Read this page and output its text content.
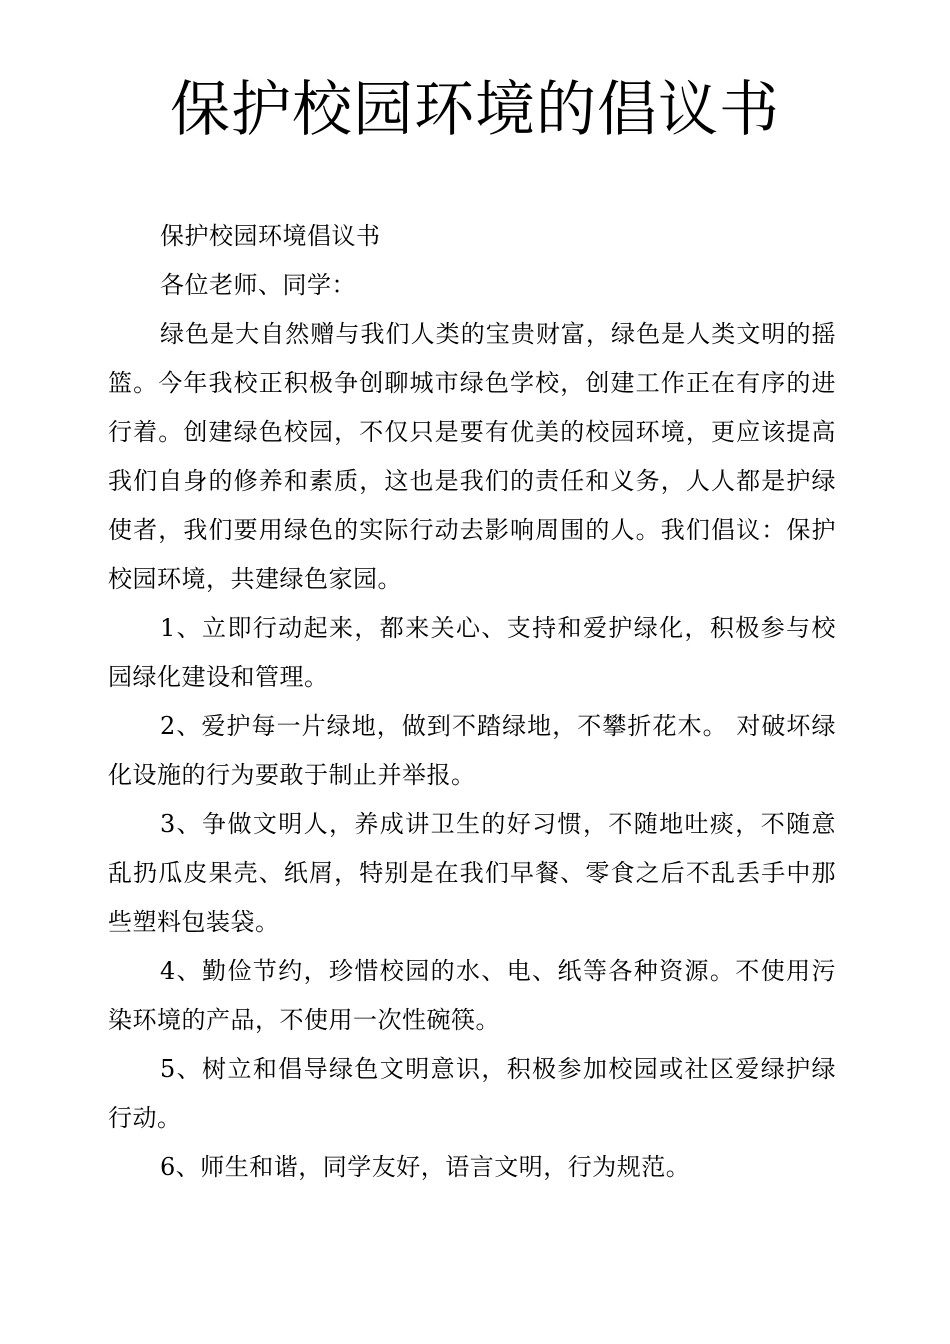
保护校园环境的倡议书

保护校园环境倡议书

各位老师、同学：

绿色是大自然赠与我们人类的宝贵财富，绿色是人类文明的摇篮。今年我校正积极争创聊城市绿色学校，创建工作正在有序的进行着。创建绿色校园，不仅只是要有优美的校园环境，更应该提高我们自身的修养和素质，这也是我们的责任和义务，人人都是护绿使者，我们要用绿色的实际行动去影响周围的人。我们倡议：保护校园环境，共建绿色家园。

1、立即行动起来，都来关心、支持和爱护绿化，积极参与校园绿化建设和管理。

2、爱护每一片绿地，做到不踏绿地，不攀折花木。 对破坏绿化设施的行为要敢于制止并举报。

3、争做文明人，养成讲卫生的好习惯，不随地吐痰，不随意乱扔瓜皮果壳、纸屑，特别是在我们早餐、零食之后不乱丢手中那些塑料包装袋。

4、勤俭节约，珍惜校园的水、电、纸等各种资源。不使用污染环境的产品，不使用一次性碗筷。

5、树立和倡导绿色文明意识，积极参加校园或社区爱绿护绿行动。

6、师生和谐，同学友好，语言文明，行为规范。
